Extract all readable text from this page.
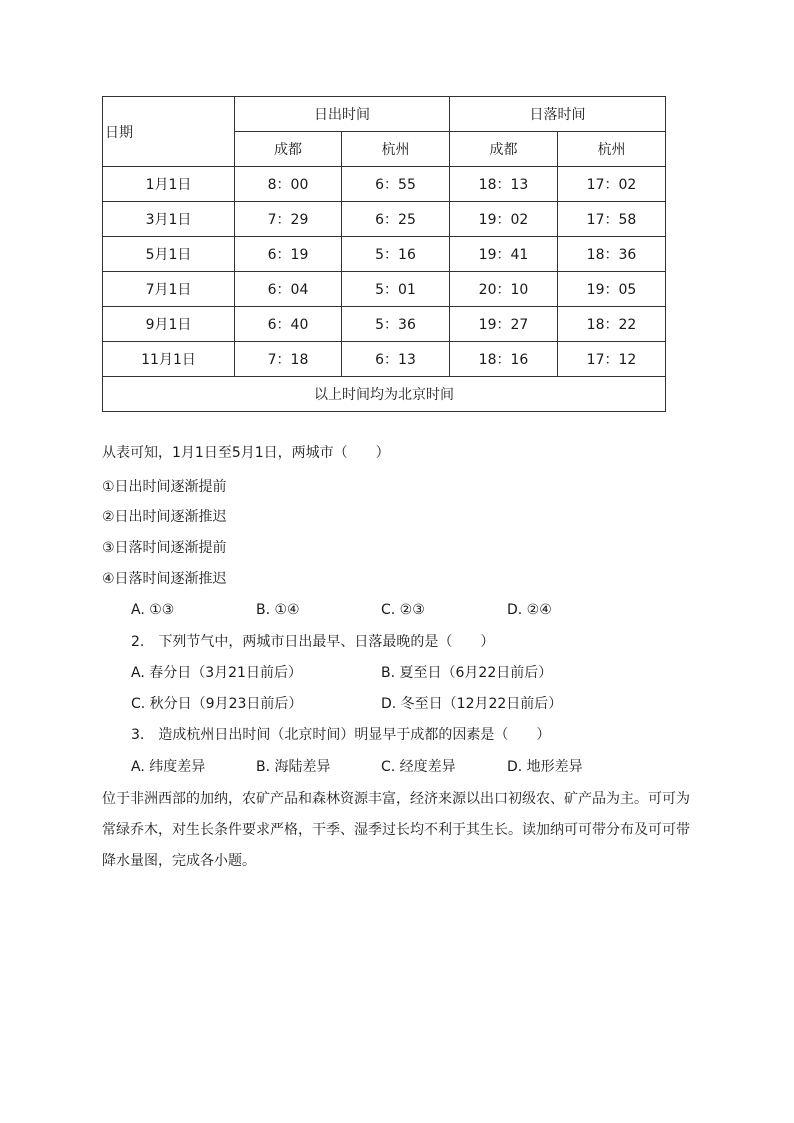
日期	日出时间		日落时间	
	成都	杭州	成都	杭州
1月1日	8：00	6：55	18：13	17：02
3月1日	7：29	6：25	19：02	17：58
5月1日	6：19	5：16	19：41	18：36
7月1日	6：04	5：01	20：10	19：05
9月1日	6：40	5：36	19：27	18：22
11月1日	7：18	6：13	18：16	17：12
以上时间均为北京时间				
从表可知，1月1日至5月1日，两城市（　　）
①日出时间逐渐提前
②日出时间逐渐推迟
③日落时间逐渐提前
④日落时间逐渐推迟
A. ①③	B. ①④	C. ②③	D. ②④
2.　下列节气中，两城市日出最早、日落最晚的是（　　）
A. 春分日（3月21日前后）	B. 夏至日（6月22日前后）
C. 秋分日（9月23日前后）	D. 冬至日（12月22日前后）
3.　造成杭州日出时间（北京时间）明显早于成都的因素是（　　）
A. 纬度差异	B. 海陆差异	C. 经度差异	D. 地形差异
位于非洲西部的加纳，农矿产品和森林资源丰富，经济来源以出口初级农、矿产品为主。可可为常绿乔木，对生长条件要求严格，干季、湿季过长均不利于其生长。读加纳可可带分布及可可带降水量图，完成各小题。
